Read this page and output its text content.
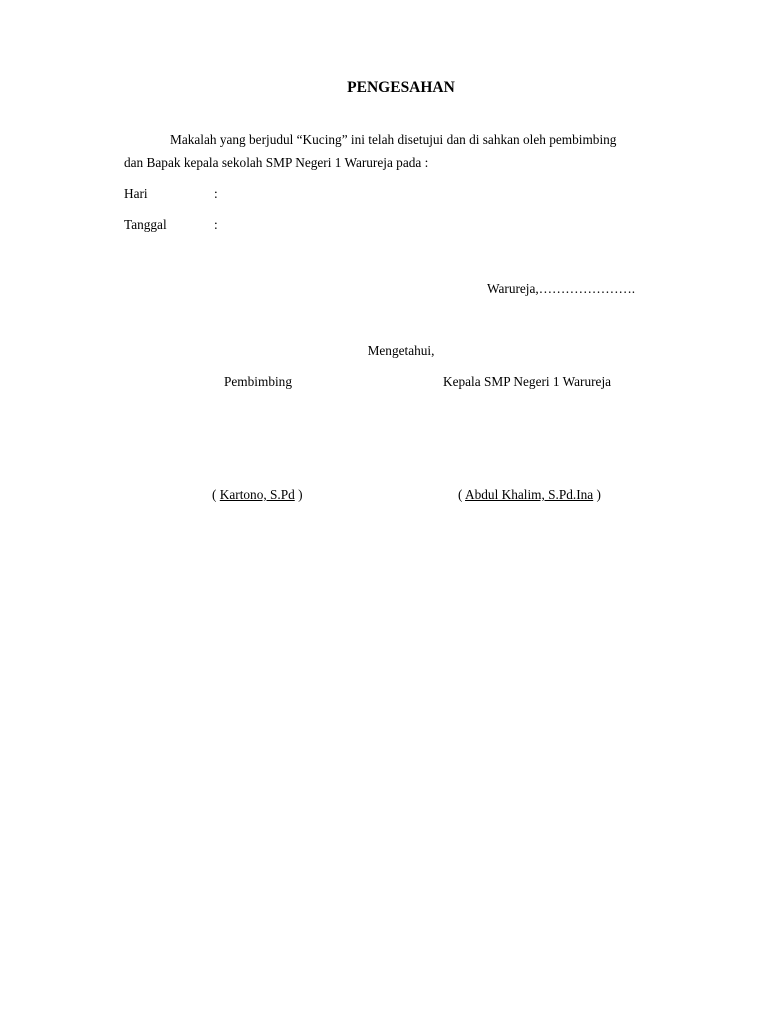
PENGESAHAN
Makalah yang berjudul “Kucing” ini telah disetujui dan di sahkan oleh pembimbing
dan Bapak kepala sekolah SMP Negeri 1 Warureja pada :
Hari	:
Tanggal	:
Warureja,………………….
Mengetahui,
Pembimbing	Kepala SMP Negeri 1 Warureja
( Kartono, S.Pd )	( Abdul Khalim, S.Pd.Ina )
